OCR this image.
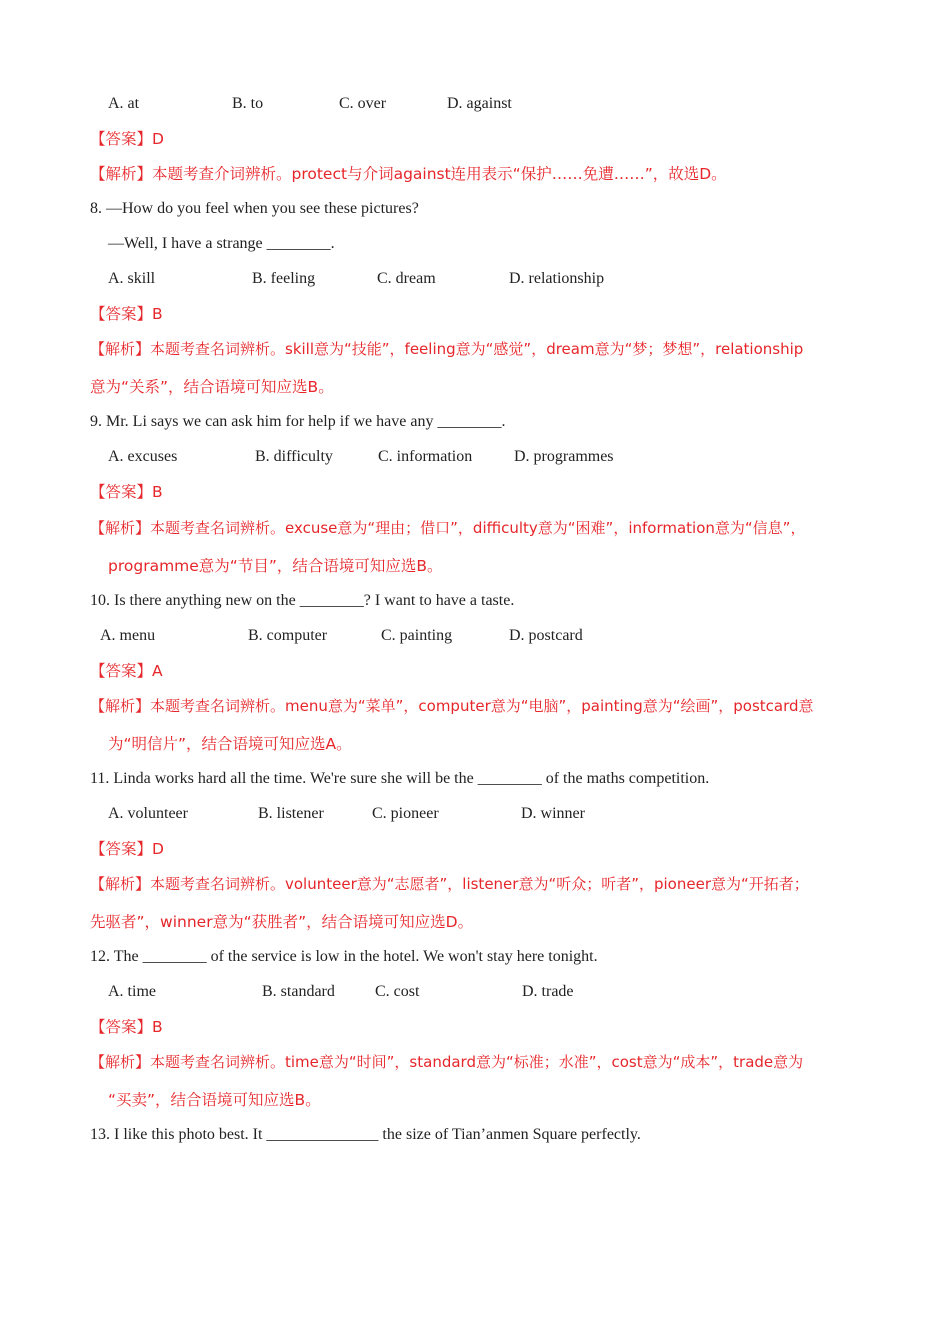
A. at	B. to	C. over	D. against
【答案】D
【解析】本题考查介词辨析。protect与介词against连用表示“保护……免遭……”，故选D。
8. —How do you feel when you see these pictures?
—Well, I have a strange ________.
A. skill	B. feeling	C. dream	D. relationship
【答案】B
【解析】本题考查名词辨析。skill意为“技能”，feeling意为“感觉”，dream意为“梦；梦想”，relationship
意为“关系”，结合语境可知应选B。
9. Mr. Li says we can ask him for help if we have any ________.
A. excuses	B. difficulty	C. information	D. programmes
【答案】B
【解析】本题考查名词辨析。excuse意为“理由；借口”，difficulty意为“困难”，information意为“信息”，
programme意为“节目”，结合语境可知应选B。
10. Is there anything new on the ________? I want to have a taste.
A. menu	B. computer	C. painting	D. postcard
【答案】A
【解析】本题考查名词辨析。menu意为“菜单”，computer意为“电脑”，painting意为“绘画”，postcard意
为“明信片”，结合语境可知应选A。
11. Linda works hard all the time. We're sure she will be the ________ of the maths competition.
A. volunteer	B. listener	C. pioneer	D. winner
【答案】D
【解析】本题考查名词辨析。volunteer意为“志愿者”，listener意为“听众；听者”，pioneer意为“开拓者；
先驱者”，winner意为“获胜者”，结合语境可知应选D。
12. The ________ of the service is low in the hotel. We won't stay here tonight.
A. time	B. standard	C. cost	D. trade
【答案】B
【解析】本题考查名词辨析。time意为“时间”，standard意为“标准；水准”，cost意为“成本”，trade意为
“买卖”，结合语境可知应选B。
13. I like this photo best. It ______________ the size of Tian’anmen Square perfectly.
